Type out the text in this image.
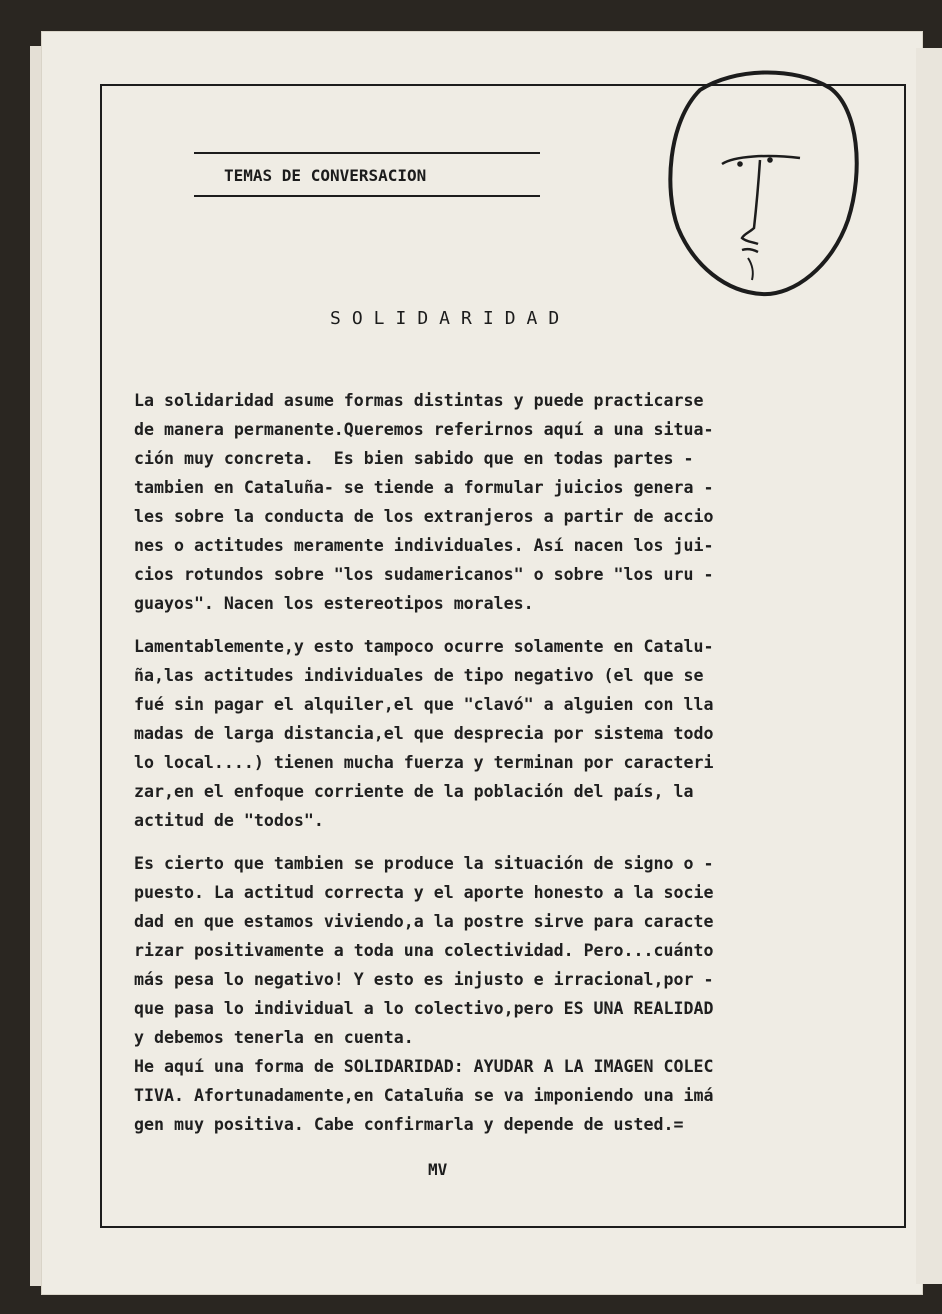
TEMAS DE CONVERSACION
SOLIDARIDAD
La solidaridad asume formas distintas y puede practicarse
de manera permanente.Queremos referirnos aquí a una situa-
ción muy concreta.  Es bien sabido que en todas partes -
tambien en Cataluña- se tiende a formular juicios genera -
les sobre la conducta de los extranjeros a partir de accio
nes o actitudes meramente individuales. Así nacen los jui-
cios rotundos sobre "los sudamericanos" o sobre "los uru -
guayos". Nacen los estereotipos morales.
Lamentablemente,y esto tampoco ocurre solamente en Catalu-
ña,las actitudes individuales de tipo negativo (el que se
fué sin pagar el alquiler,el que "clavó" a alguien con lla
madas de larga distancia,el que desprecia por sistema todo
lo local....) tienen mucha fuerza y terminan por caracteri
zar,en el enfoque corriente de la población del país, la
actitud de "todos".
Es cierto que tambien se produce la situación de signo o -
puesto. La actitud correcta y el aporte honesto a la socie
dad en que estamos viviendo,a la postre sirve para caracte
rizar positivamente a toda una colectividad. Pero...cuánto
más pesa lo negativo! Y esto es injusto e irracional,por -
que pasa lo individual a lo colectivo,pero ES UNA REALIDAD
y debemos tenerla en cuenta.
He aquí una forma de SOLIDARIDAD: AYUDAR A LA IMAGEN COLEC
TIVA. Afortunadamente,en Cataluña se va imponiendo una imá
gen muy positiva. Cabe confirmarla y depende de usted.=
MV
